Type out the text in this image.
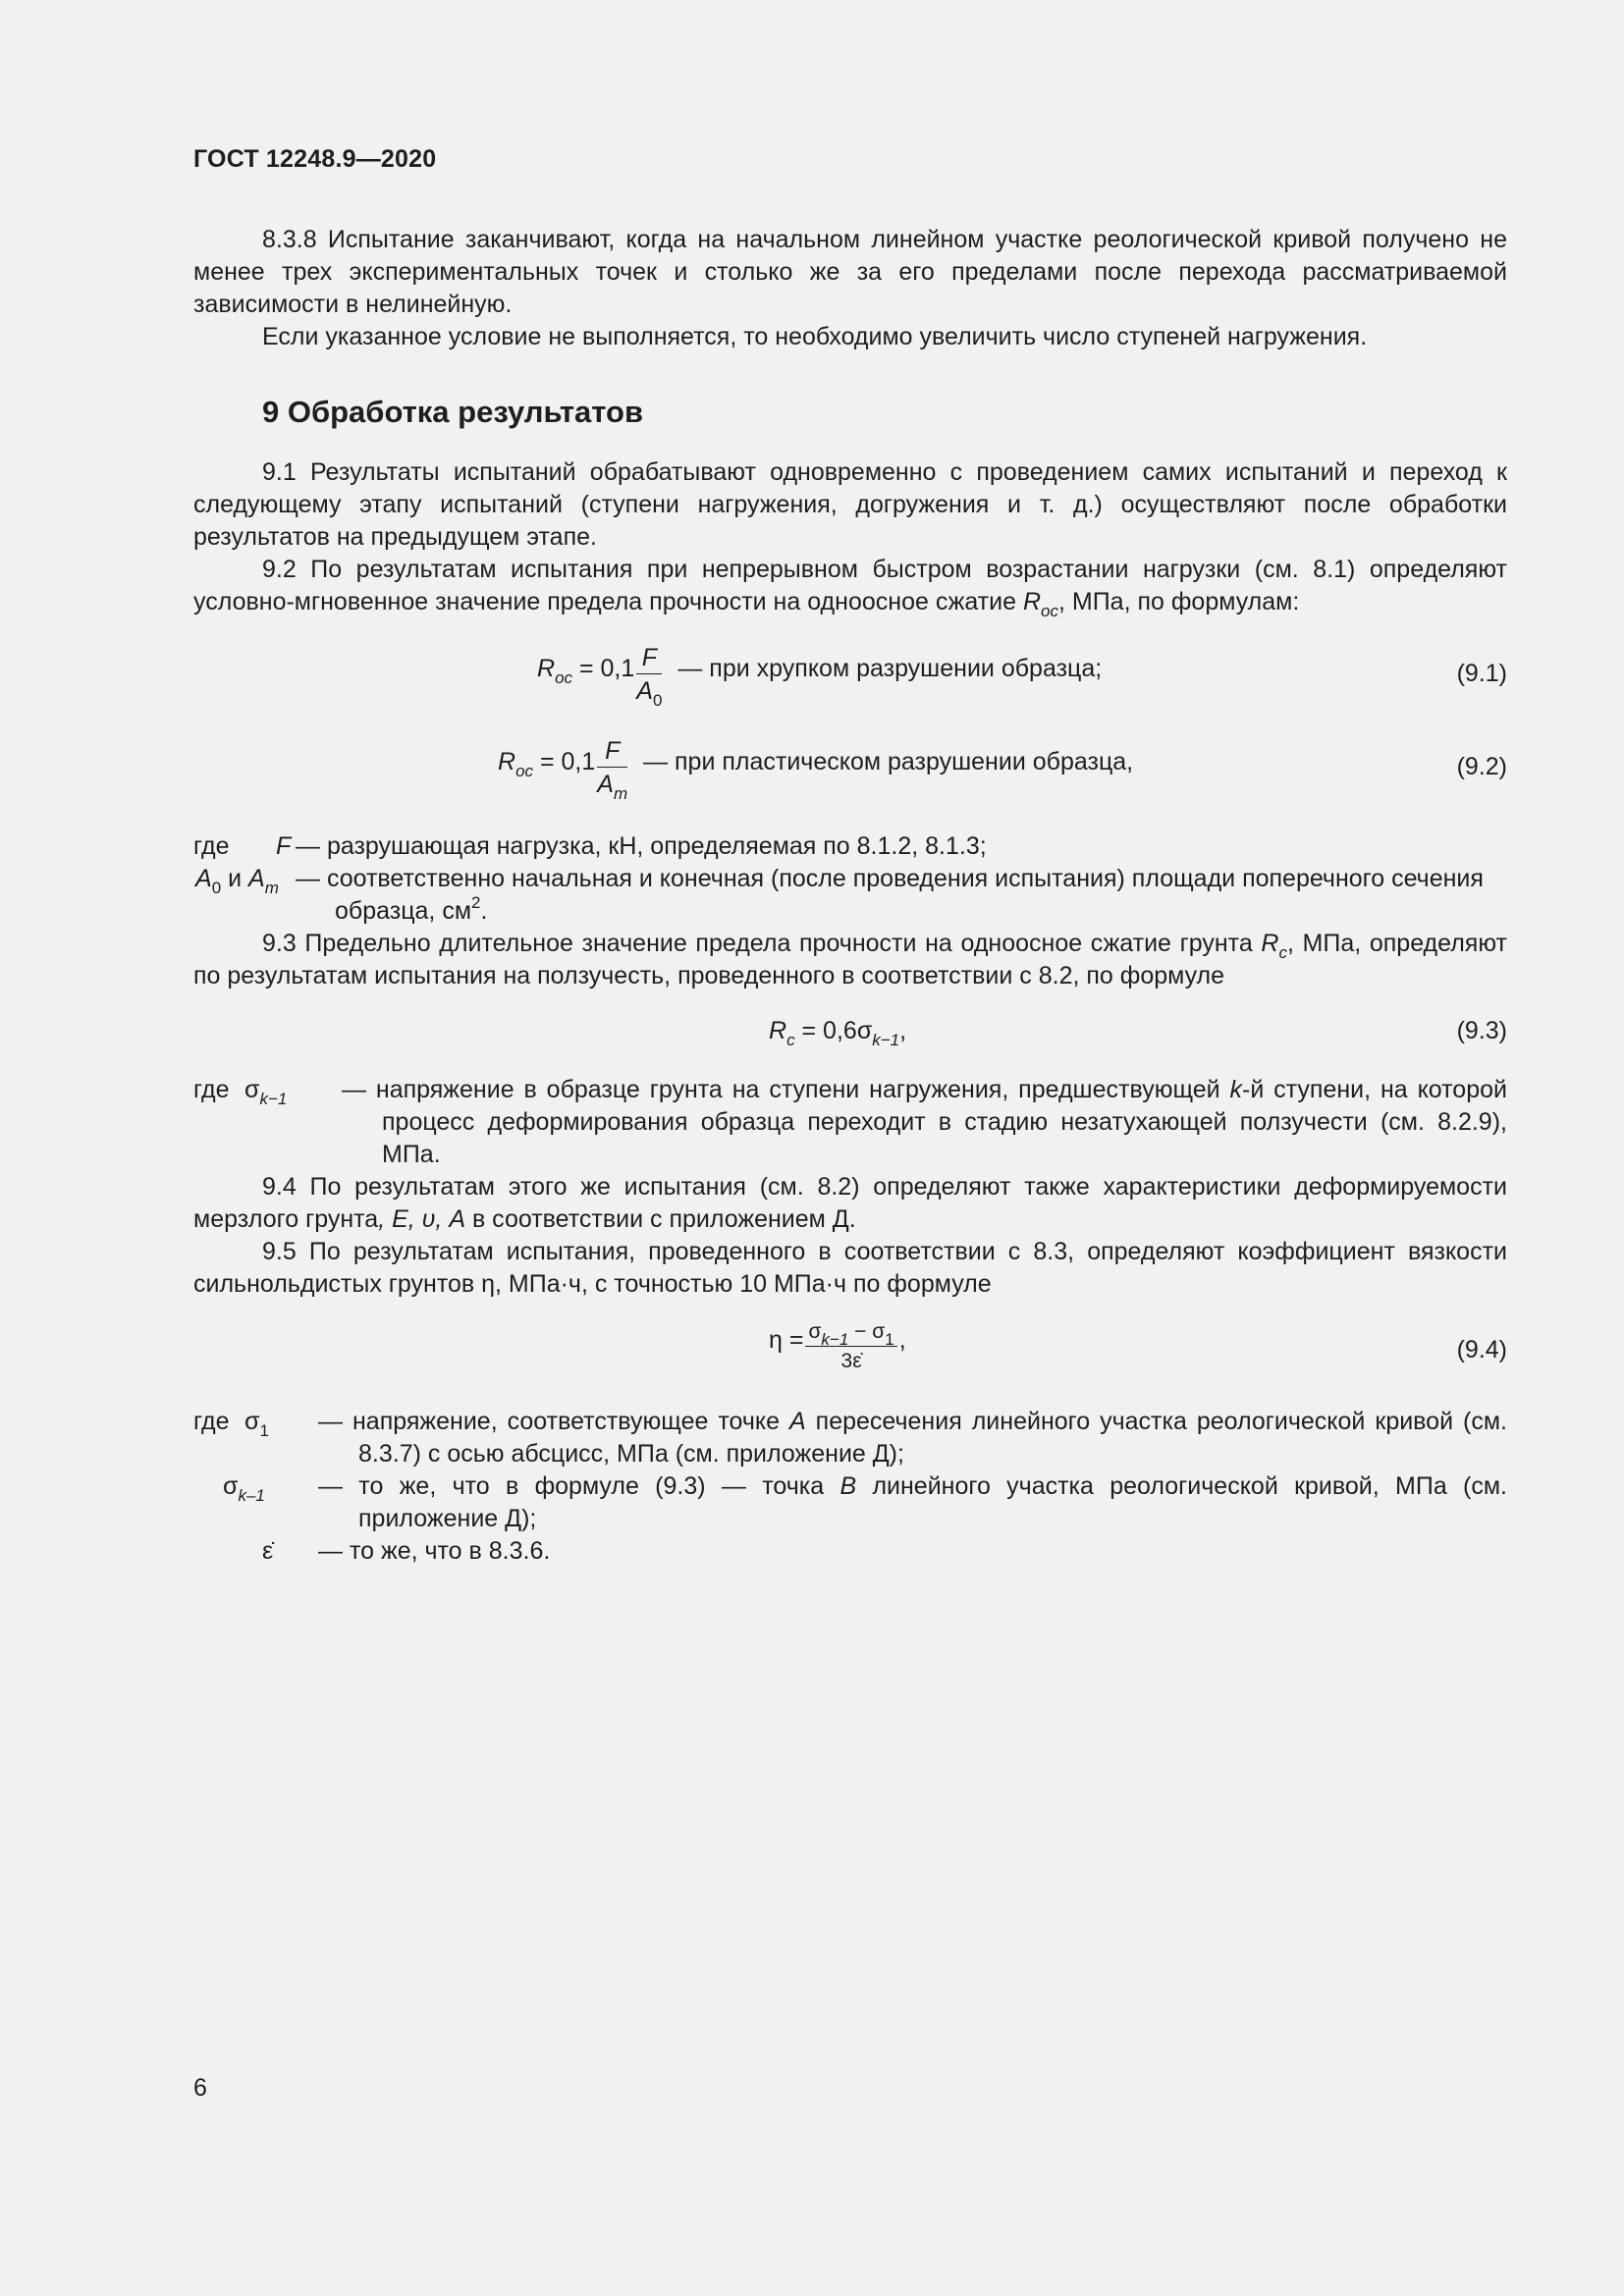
ГОСТ 12248.9—2020

8.3.8 Испытание заканчивают, когда на начальном линейном участке реологической кривой получено не менее трех экспериментальных точек и столько же за его пределами после перехода рассматриваемой зависимости в нелинейную.

Если указанное условие не выполняется, то необходимо увеличить число ступеней нагружения.

9 Обработка результатов

9.1 Результаты испытаний обрабатывают одновременно с проведением самих испытаний и переход к следующему этапу испытаний (ступени нагружения, догружения и т. д.) осуществляют после обработки результатов на предыдущем этапе.

9.2 По результатам испытания при непрерывном быстром возрастании нагрузки (см. 8.1) определяют условно-мгновенное значение предела прочности на одноосное сжатие $R_{oc}$, МПа, по формулам:

$R_{oc} = 0,1 \frac{F}{A_0}$ — при хрупком разрушении образца;	(9.1)
$R_{oc} = 0,1 \frac{F}{A_m}$ — при пластическом разрушении образца,	(9.2)
где F — разрушающая нагрузка, кН, определяемая по 8.1.2, 8.1.3;
$A_0$ и $A_m$ — соответственно начальная и конечная (после проведения испытания) площади поперечного сечения образца, $см^2$.

9.3 Предельно длительное значение предела прочности на одноосное сжатие грунта $R_c$, МПа, определяют по результатам испытания на ползучесть, проведенного в соответствии с 8.2, по формуле

$R_c = 0,6\sigma_{k-1}$,	(9.3)
где $\sigma_{k-1}$ — напряжение в образце грунта на ступени нагружения, предшествующей k-й ступени, на которой процесс деформирования образца переходит в стадию незатухающей ползучести (см. 8.2.9), МПа.

9.4 По результатам этого же испытания (см. 8.2) определяют также характеристики деформируемости мерзлого грунта, E, υ, A в соответствии с приложением Д.

9.5 По результатам испытания, проведенного в соответствии с 8.3, определяют коэффициент вязкости сильнольдистых грунтов η, МПа·ч, с точностью 10 МПа·ч по формуле

$\eta = \frac{\sigma_{k-1} - \sigma_1}{3\varepsiloṅ}$ ,	(9.4)
где $\sigma_1$ — напряжение, соответствующее точке A пересечения линейного участка реологической кривой (см. 8.3.7) с осью абсцисс, МПа (см. приложение Д);
$\sigma_{k-1}$ — то же, что в формуле (9.3) — точка B линейного участка реологической кривой, МПа (см. приложение Д);
ε̇ — то же, что в 8.3.6.
6
